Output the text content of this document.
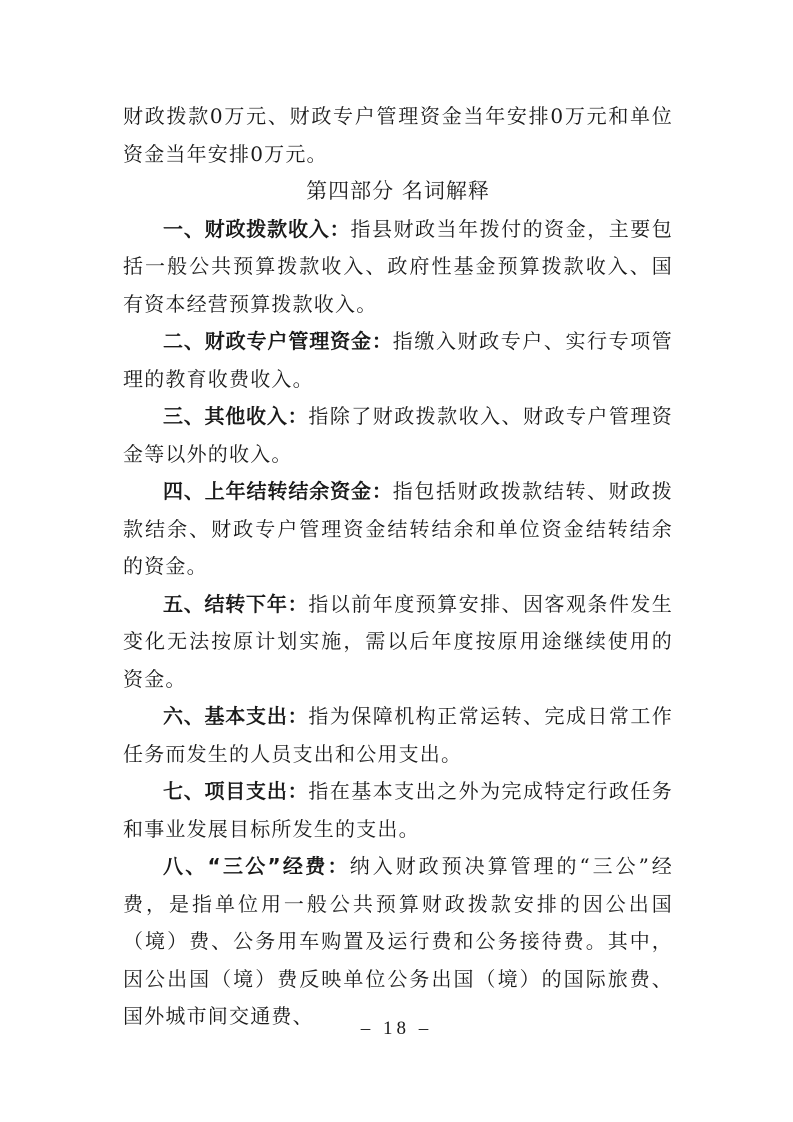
财政拨款0万元、财政专户管理资金当年安排0万元和单位资金当年安排0万元。

第四部分 名词解释

一、财政拨款收入：指县财政当年拨付的资金，主要包括一般公共预算拨款收入、政府性基金预算拨款收入、国有资本经营预算拨款收入。

二、财政专户管理资金：指缴入财政专户、实行专项管理的教育收费收入。

三、其他收入：指除了财政拨款收入、财政专户管理资金等以外的收入。

四、上年结转结余资金：指包括财政拨款结转、财政拨款结余、财政专户管理资金结转结余和单位资金结转结余的资金。

五、结转下年：指以前年度预算安排、因客观条件发生变化无法按原计划实施，需以后年度按原用途继续使用的资金。

六、基本支出：指为保障机构正常运转、完成日常工作任务而发生的人员支出和公用支出。

七、项目支出：指在基本支出之外为完成特定行政任务和事业发展目标所发生的支出。

八、“三公”经费：纳入财政预决算管理的“三公”经费，是指单位用一般公共预算财政拨款安排的因公出国（境）费、公务用车购置及运行费和公务接待费。其中，因公出国（境）费反映单位公务出国（境）的国际旅费、国外城市间交通费、

– 18 –
